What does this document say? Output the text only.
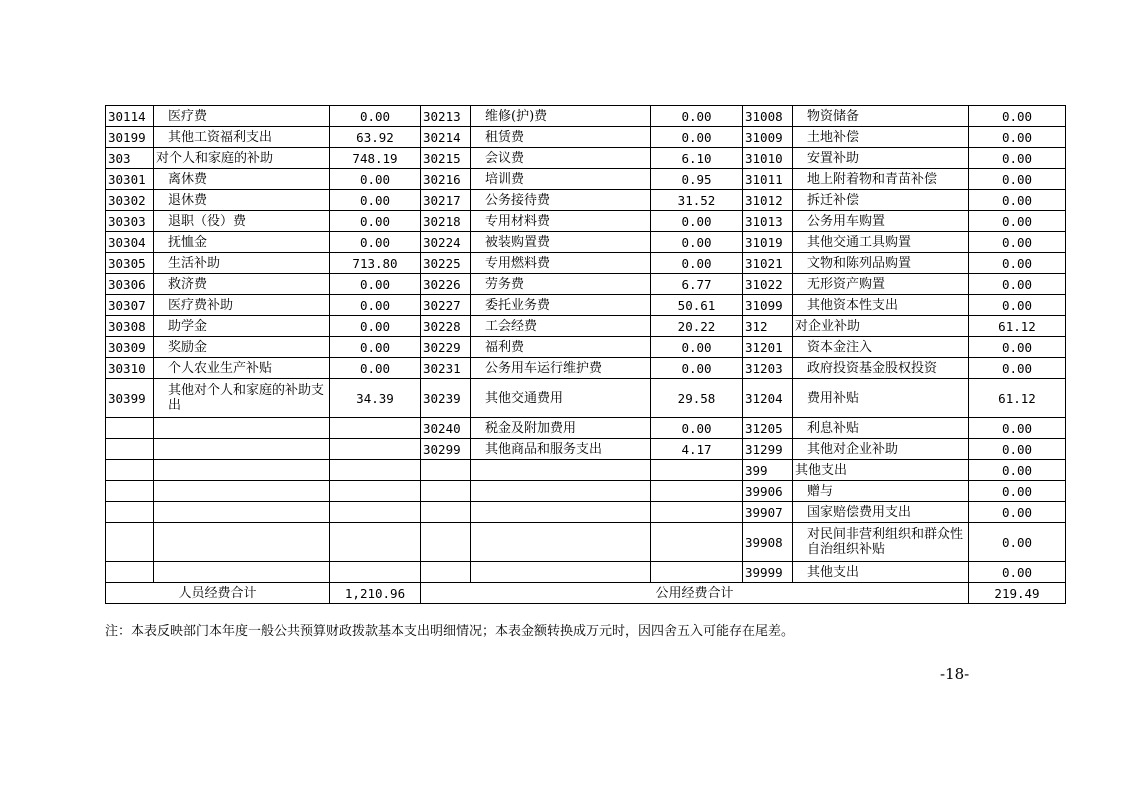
30114	医疗费	0.00	30213	维修(护)费	0.00	31008	物资储备	0.00
30199	其他工资福利支出	63.92	30214	租赁费	0.00	31009	土地补偿	0.00
303	对个人和家庭的补助	748.19	30215	会议费	6.10	31010	安置补助	0.00
30301	离休费	0.00	30216	培训费	0.95	31011	地上附着物和青苗补偿	0.00
30302	退休费	0.00	30217	公务接待费	31.52	31012	拆迁补偿	0.00
30303	退职（役）费	0.00	30218	专用材料费	0.00	31013	公务用车购置	0.00
30304	抚恤金	0.00	30224	被装购置费	0.00	31019	其他交通工具购置	0.00
30305	生活补助	713.80	30225	专用燃料费	0.00	31021	文物和陈列品购置	0.00
30306	救济费	0.00	30226	劳务费	6.77	31022	无形资产购置	0.00
30307	医疗费补助	0.00	30227	委托业务费	50.61	31099	其他资本性支出	0.00
30308	助学金	0.00	30228	工会经费	20.22	312	对企业补助	61.12
30309	奖励金	0.00	30229	福利费	0.00	31201	资本金注入	0.00
30310	个人农业生产补贴	0.00	30231	公务用车运行维护费	0.00	31203	政府投资基金股权投资	0.00
30399	其他对个人和家庭的补助支出	34.39	30239	其他交通费用	29.58	31204	费用补贴	61.12
			30240	税金及附加费用	0.00	31205	利息补贴	0.00
			30299	其他商品和服务支出	4.17	31299	其他对企业补助	0.00
						399	其他支出	0.00
						39906	赠与	0.00
						39907	国家赔偿费用支出	0.00
						39908	对民间非营利组织和群众性自治组织补贴	0.00
						39999	其他支出	0.00
人员经费合计		1,210.96	公用经费合计					219.49
注：本表反映部门本年度一般公共预算财政拨款基本支出明细情况；本表金额转换成万元时，因四舍五入可能存在尾差。
-18-
